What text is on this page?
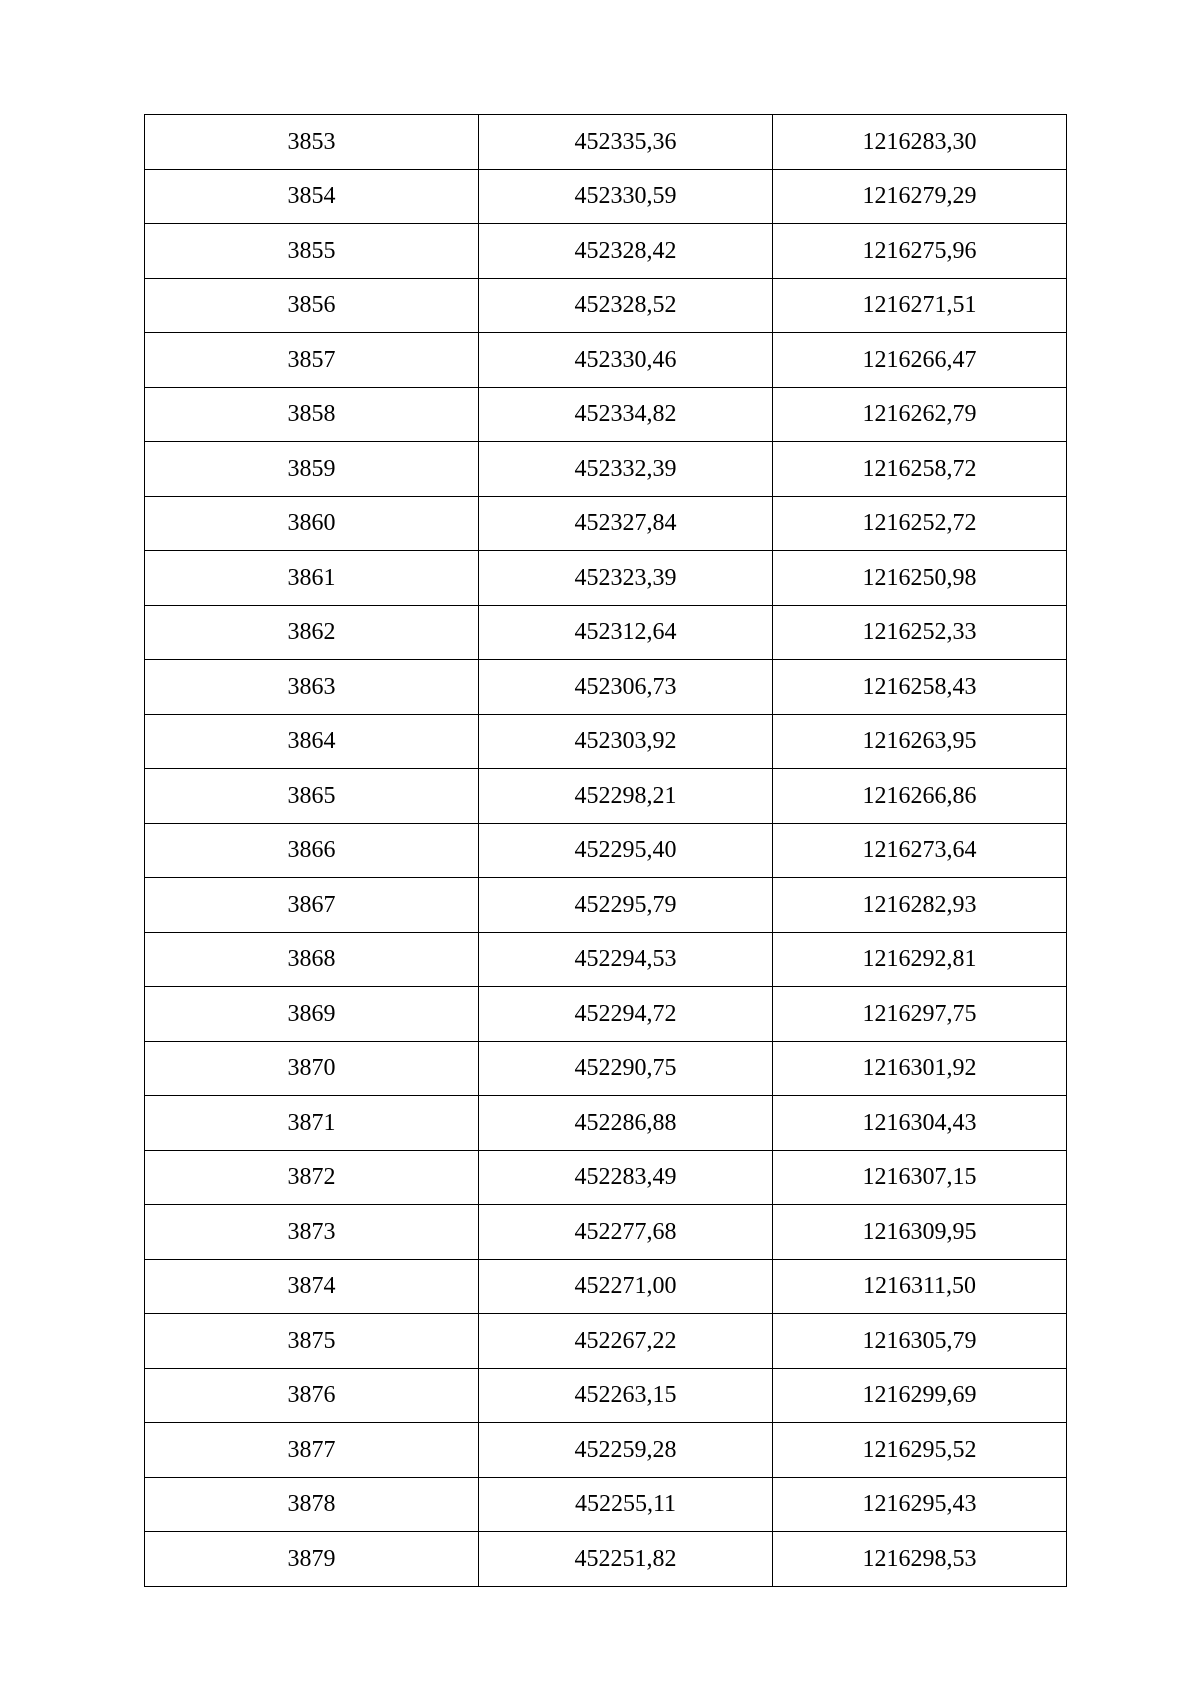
3853	452335,36	1216283,30
3854	452330,59	1216279,29
3855	452328,42	1216275,96
3856	452328,52	1216271,51
3857	452330,46	1216266,47
3858	452334,82	1216262,79
3859	452332,39	1216258,72
3860	452327,84	1216252,72
3861	452323,39	1216250,98
3862	452312,64	1216252,33
3863	452306,73	1216258,43
3864	452303,92	1216263,95
3865	452298,21	1216266,86
3866	452295,40	1216273,64
3867	452295,79	1216282,93
3868	452294,53	1216292,81
3869	452294,72	1216297,75
3870	452290,75	1216301,92
3871	452286,88	1216304,43
3872	452283,49	1216307,15
3873	452277,68	1216309,95
3874	452271,00	1216311,50
3875	452267,22	1216305,79
3876	452263,15	1216299,69
3877	452259,28	1216295,52
3878	452255,11	1216295,43
3879	452251,82	1216298,53
